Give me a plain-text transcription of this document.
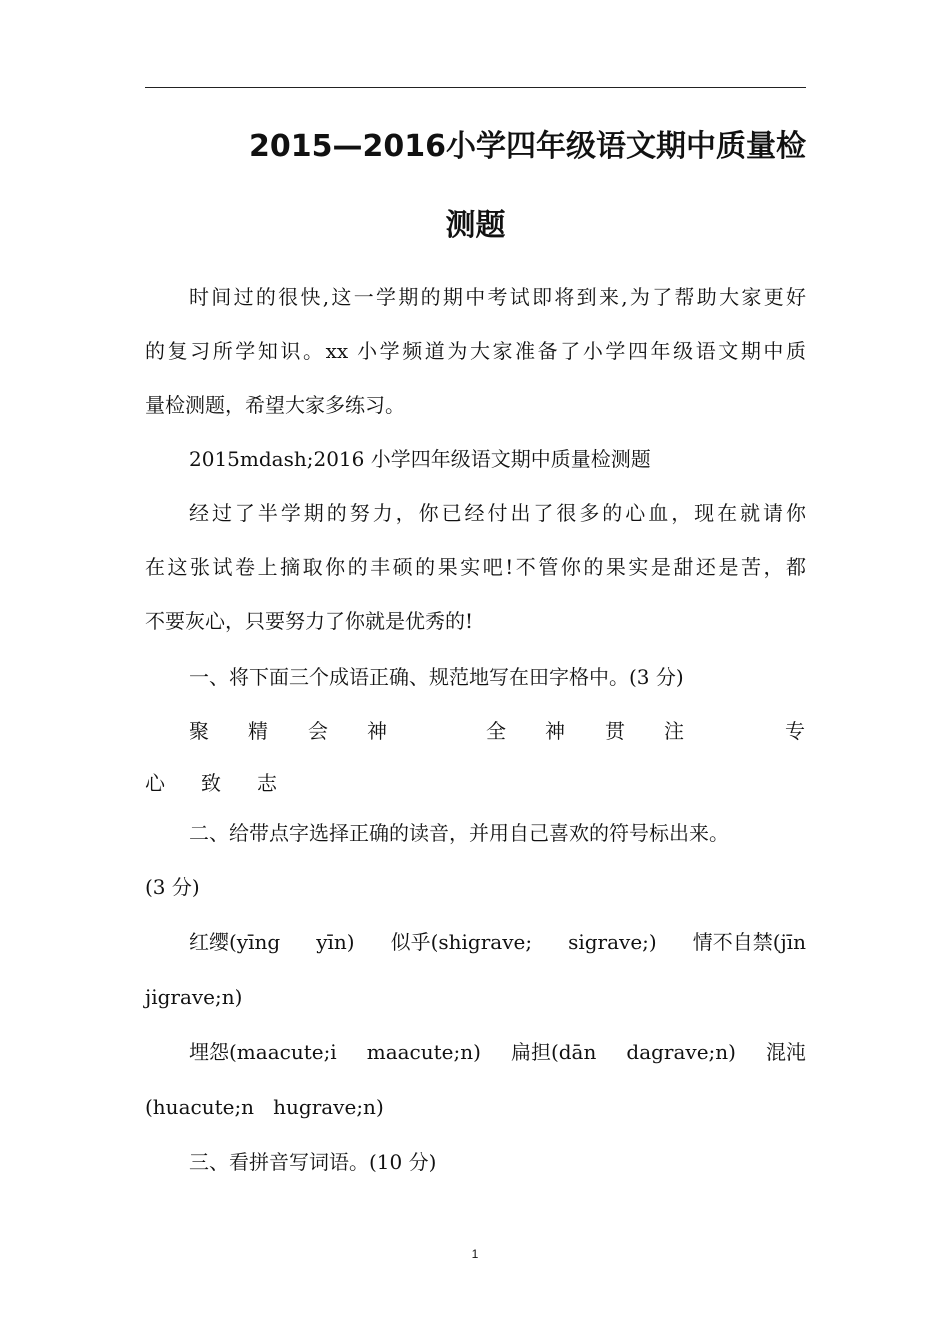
2015—2016小学四年级语文期中质量检
测题
时间过的很快,这一学期的期中考试即将到来,为了帮助大家更好
的复习所学知识。xx 小学频道为大家准备了小学四年级语文期中质
量检测题，希望大家多练习。
2015mdash;2016 小学四年级语文期中质量检测题
经过了半学期的努力，你已经付出了很多的心血，现在就请你
在这张试卷上摘取你的丰硕的果实吧!不管你的果实是甜还是苦，都
不要灰心，只要努力了你就是优秀的!
一、将下面三个成语正确、规范地写在田字格中。(3 分)
聚 精 会 神	全 神 贯 注	专
心 致 志
二、给带点字选择正确的读音，并用自己喜欢的符号标出来。
(3 分)
红缨(yīng yīn) 似乎(shigrave; sigrave;) 情不自禁(jīn
jigrave;n)
埋怨(maacute;i maacute;n) 扁担(dān dagrave;n) 混沌
(huacute;n   hugrave;n)
三、看拼音写词语。(10 分)
1
